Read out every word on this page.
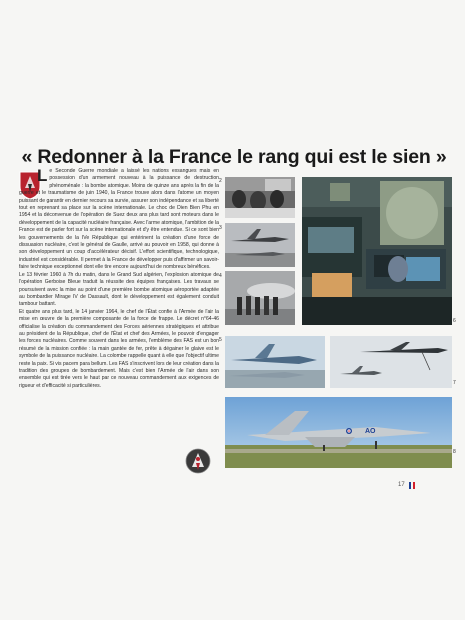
« Redonner à la France le rang qui est le sien »

Le Seconde Guerre mondiale a laissé les nations exsangues mais en possession d'un armement nouveau à la puissance de destruction phénoménale : la bombe atomique. Moins de quinze ans après la fin de la guerre et le traumatisme de juin 1940, la France trouve alors dans l'atome un moyen puissant de garantir en dernier recours sa survie, assurer son indépendance et sa liberté tout en reprenant sa place sur la scène internationale. Le choc de Dien Bien Phu en 1954 et la déconvenue de l'opération de Suez deux ans plus tard sont moteurs dans le développement de la capacité nucléaire française. Avec l'arme atomique, l'ambition de la France est de parler fort sur la scène internationale et d'y être entendue. Si ce sont bien les gouvernements de la IVe République qui entérinent la création d'une force de dissuasion nucléaire, c'est le général de Gaulle, arrivé au pouvoir en 1958, qui donne à son développement un coup d'accélérateur décisif. L'effort scientifique, technologique, industriel est considérable. Il permet à la France de développer puis d'affirmer un savoir-faire technique exceptionnel dont elle tire encore aujourd'hui de nombreux bénéfices.

Le 13 février 1960 à 7h du matin, dans le Grand Sud algérien, l'explosion atomique de l'opération Gerboise Bleue traduit la réussite des équipes françaises. Les travaux se poursuivent avec la mise au point d'une première bombe atomique aéroportée adaptée au bombardier Mirage IV de Dassault, dont le développement est également conduit tambour battant.

Et quatre ans plus tard, le 14 janvier 1964, le chef de l'État confie à l'Armée de l'air la mise en œuvre de la première composante de la force de frappe. Le décret n°64-46 officialise la création du commandement des Forces aériennes stratégiques et attribue au président de la République, chef de l'État et chef des Armées, le pouvoir d'engager les forces nucléaires. Comme souvent dans les armées, l'emblème des FAS est un bon résumé de la mission confiée : la main gantée de fer, prête à dégainer le glaive est le symbole de la puissance nucléaire. La colombe rappelle quant à elle que l'objectif ultime reste la paix. Si vis pacem para bellum. Les FAS s'inscrivent lors de leur création dans la tradition des groupes de bombardement. Mais c'est bien l'Armée de l'air dans son ensemble qui est tirée vers le haut par ce nouveau commandement aux exigences de rigueur et d'efficacité si particulières.

2
3
4
6
5
7
AO
8
17
